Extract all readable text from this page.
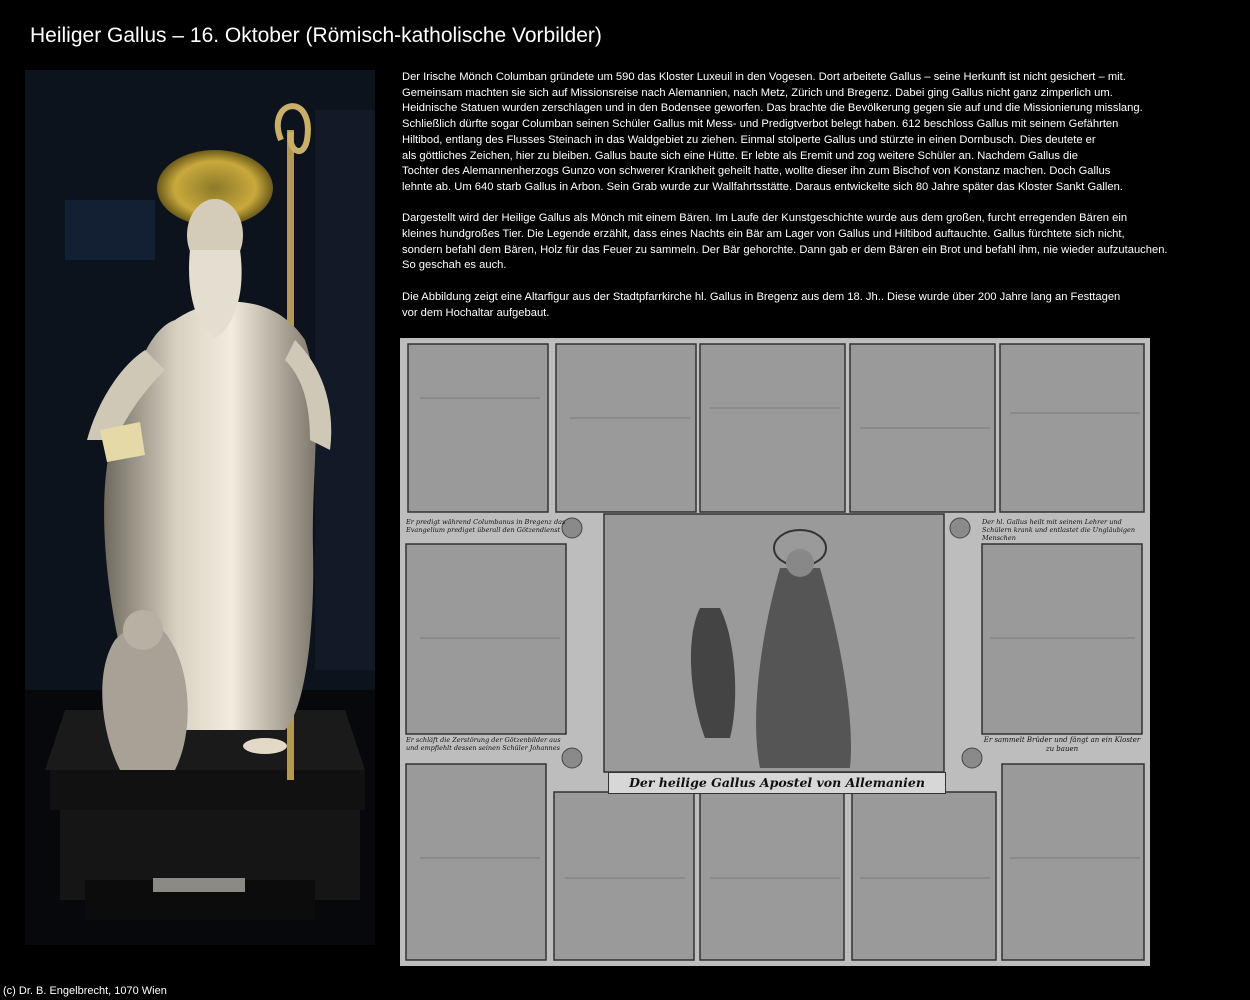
Heiliger Gallus – 16. Oktober (Römisch-katholische Vorbilder)

Der Irische Mönch Columban gründete um 590 das Kloster Luxeuil in den Vogesen. Dort arbeitete Gallus – seine Herkunft ist nicht gesichert – mit.
Gemeinsam machten sie sich auf Missionsreise nach Alemannien, nach Metz, Zürich und Bregenz. Dabei ging Gallus nicht ganz zimperlich um.
Heidnische Statuen wurden zerschlagen und in den Bodensee geworfen. Das brachte die Bevölkerung gegen sie auf und die Missionierung misslang.
Schließlich dürfte sogar Columban seinen Schüler Gallus mit Mess- und Predigtverbot belegt haben. 612 beschloss Gallus mit seinem Gefährten
Hiltibod, entlang des Flusses Steinach in das Waldgebiet zu ziehen. Einmal stolperte Gallus und stürzte in einen Dornbusch. Dies deutete er
als göttliches Zeichen, hier zu bleiben. Gallus baute sich eine Hütte. Er lebte als Eremit und zog weitere Schüler an. Nachdem Gallus die
Tochter des Alemannenherzogs Gunzo von schwerer Krankheit geheilt hatte, wollte dieser ihn zum Bischof von Konstanz machen. Doch Gallus
lehnte ab. Um 640 starb Gallus in Arbon. Sein Grab wurde zur Wallfahrtsstätte. Daraus entwickelte sich 80 Jahre später das Kloster Sankt Gallen.

Dargestellt wird der Heilige Gallus als Mönch mit einem Bären. Im Laufe der Kunstgeschichte wurde aus dem großen, furcht erregenden Bären ein
kleines hundgroßes Tier. Die Legende erzählt, dass eines Nachts ein Bär am Lager von Gallus und Hiltibod auftauchte. Gallus fürchtete sich nicht,
sondern befahl dem Bären, Holz für das Feuer zu sammeln. Der Bär gehorchte. Dann gab er dem Bären ein Brot und befahl ihm, nie wieder aufzutauchen.
So geschah es auch.

Die Abbildung zeigt eine Altarfigur aus der Stadtpfarrkirche hl. Gallus in Bregenz aus dem 18. Jh.. Diese wurde über 200 Jahre lang an Festtagen
vor dem Hochaltar aufgebaut.

Der heilige Gallus Apostel von Allemanien
Er predigt während Columbanus in Bregenz das Evangelium prediget überall den Götzendienst
Er schläft die Zerstörung der Götzenbilder aus und empfiehlt dessen seinen Schüler Johannes
Der hl. Gallus heilt mit seinem Lehrer und Schülern krank und entlastet die Ungläubigen Menschen
Er sammelt Brüder und fängt an ein Kloster zu bauen
(c) Dr. B. Engelbrecht, 1070 Wien
